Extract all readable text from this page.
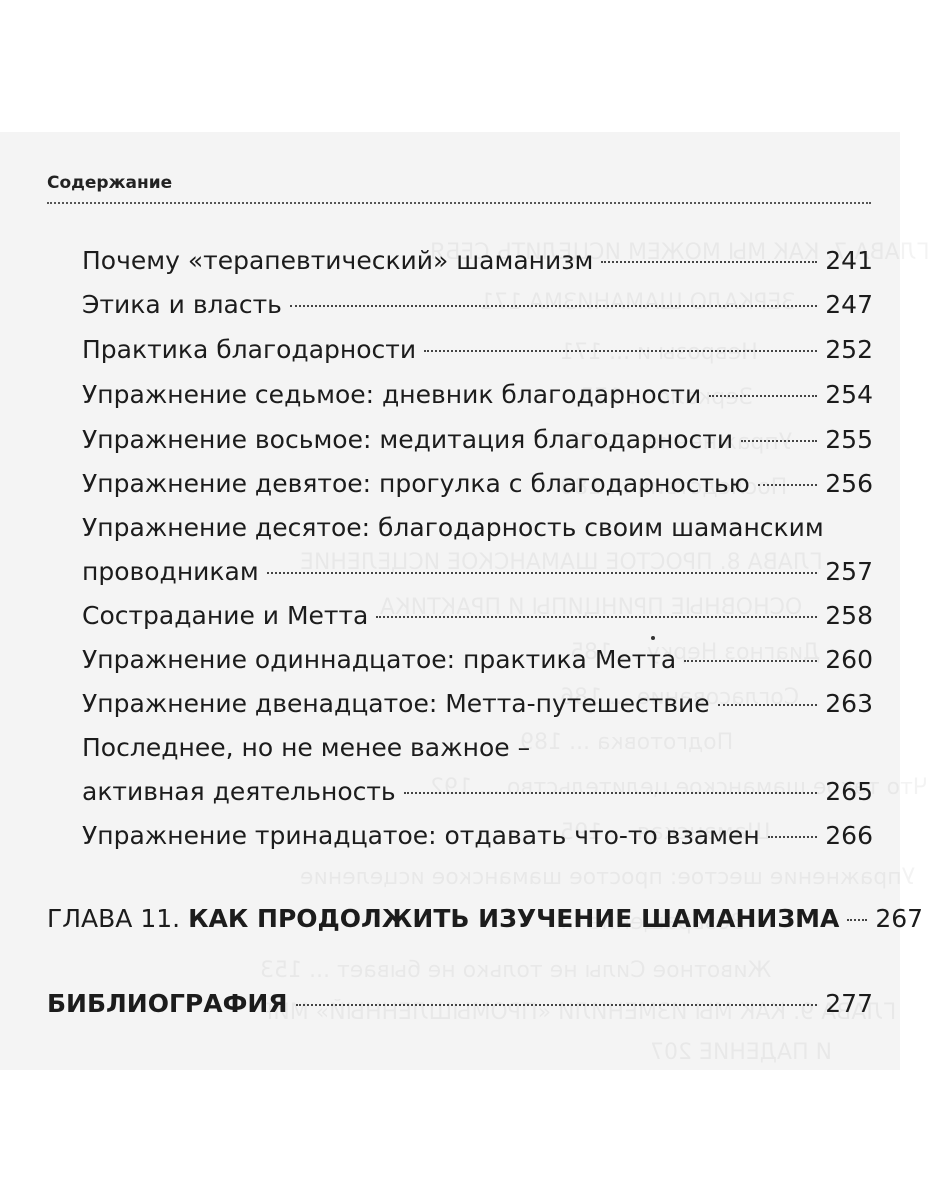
Содержание
Почему «терапевтический» шаманизм	241
Этика и власть	247
Практика благодарности	252
Упражнение седьмое: дневник благодарности	254
Упражнение восьмое: медитация благодарности	255
Упражнение девятое: прогулка с благодарностью	256
Упражнение десятое: благодарность своим шаманским
проводникам	257
Сострадание и Метта	258
Упражнение одиннадцатое: практика Метта	260
Упражнение двенадцатое: Метта-путешествие	263
Последнее, но не менее важное –
активная деятельность	265
Упражнение тринадцатое: отдавать что-то взамен	266
ГЛАВА 11. КАК ПРОДОЛЖИТЬ ИЗУЧЕНИЕ ШАМАНИЗМА 267
БИБЛИОГРАФИЯ	277
